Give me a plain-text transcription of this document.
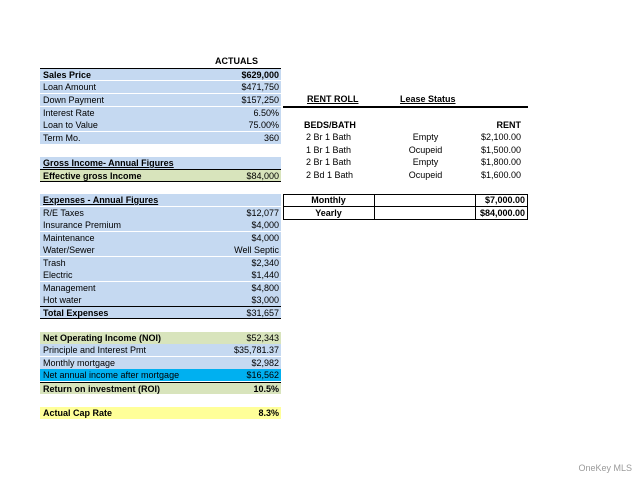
ACTUALS
Sales Price	$629,000
Loan Amount	$471,750
Down Payment	$157,250
Interest Rate	6.50%
Loan to Value	75.00%
Term Mo.	360
Gross Income- Annual Figures
Effective gross Income	$84,000
Expenses - Annual Figures
R/E Taxes	$12,077
Insurance Premium	$4,000
Maintenance	$4,000
Water/Sewer	Well Septic
Trash	$2,340
Electric	$1,440
Management	$4,800
Hot water	$3,000
Total Expenses	$31,657
Net Operating Income (NOI)	$52,343
Principle and Interest Pmt	$35,781.37
Monthly mortgage	$2,982
Net annual income after mortgage	$16,562
Return on investment (ROI)	10.5%
Actual Cap Rate	8.3%
RENT ROLL	Lease Status
BEDS/BATH	RENT
2 Br 1 Bath	Empty	$2,100.00
1 Br 1 Bath	Ocupeid	$1,500.00
2 Br 1 Bath	Empty	$1,800.00
2 Bd 1 Bath	Ocupeid	$1,600.00
Monthly	$7,000.00
Yearly	$84,000.00
OneKey MLS
